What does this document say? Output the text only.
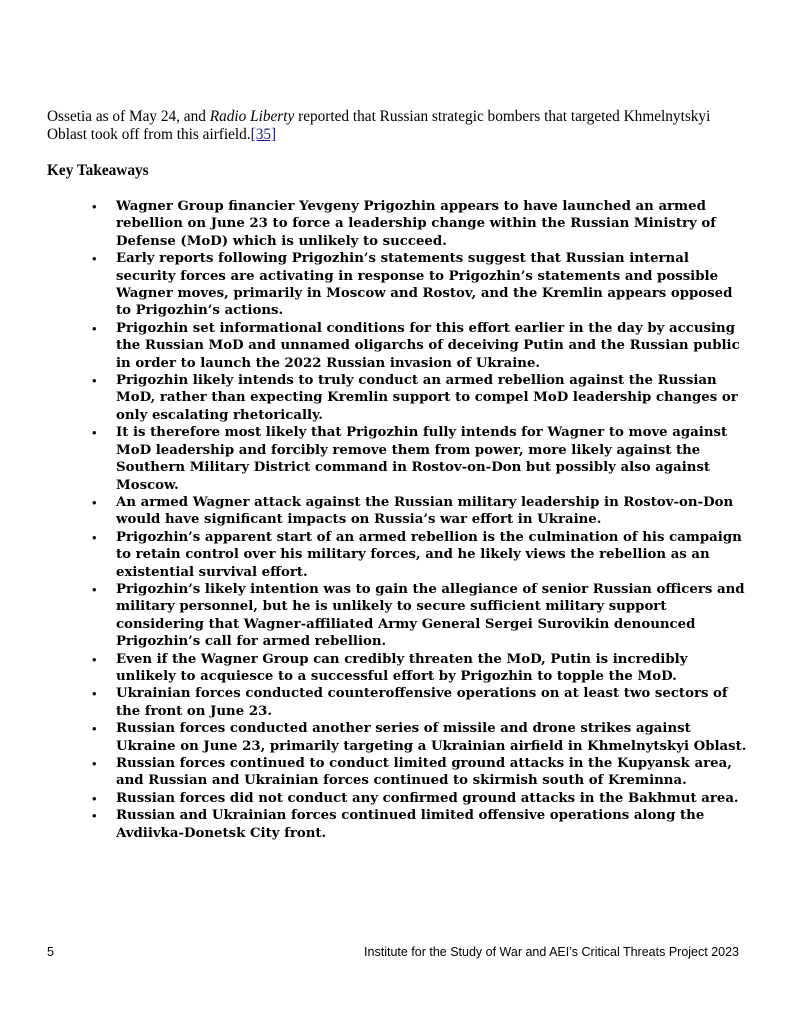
Ossetia as of May 24, and Radio Liberty reported that Russian strategic bombers that targeted Khmelnytskyi Oblast took off from this airfield.[35]

Key Takeaways
• Wagner Group financier Yevgeny Prigozhin appears to have launched an armed rebellion on June 23 to force a leadership change within the Russian Ministry of Defense (MoD) which is unlikely to succeed.
• Early reports following Prigozhin’s statements suggest that Russian internal security forces are activating in response to Prigozhin’s statements and possible Wagner moves, primarily in Moscow and Rostov, and the Kremlin appears opposed to Prigozhin’s actions.
• Prigozhin set informational conditions for this effort earlier in the day by accusing the Russian MoD and unnamed oligarchs of deceiving Putin and the Russian public in order to launch the 2022 Russian invasion of Ukraine.
• Prigozhin likely intends to truly conduct an armed rebellion against the Russian MoD, rather than expecting Kremlin support to compel MoD leadership changes or only escalating rhetorically.
• It is therefore most likely that Prigozhin fully intends for Wagner to move against MoD leadership and forcibly remove them from power, more likely against the Southern Military District command in Rostov-on-Don but possibly also against Moscow.
• An armed Wagner attack against the Russian military leadership in Rostov-on-Don would have significant impacts on Russia’s war effort in Ukraine.
• Prigozhin’s apparent start of an armed rebellion is the culmination of his campaign to retain control over his military forces, and he likely views the rebellion as an existential survival effort.
• Prigozhin’s likely intention was to gain the allegiance of senior Russian officers and military personnel, but he is unlikely to secure sufficient military support considering that Wagner-affiliated Army General Sergei Surovikin denounced Prigozhin’s call for armed rebellion.
• Even if the Wagner Group can credibly threaten the MoD, Putin is incredibly unlikely to acquiesce to a successful effort by Prigozhin to topple the MoD.
• Ukrainian forces conducted counteroffensive operations on at least two sectors of the front on June 23.
• Russian forces conducted another series of missile and drone strikes against Ukraine on June 23, primarily targeting a Ukrainian airfield in Khmelnytskyi Oblast.
• Russian forces continued to conduct limited ground attacks in the Kupyansk area, and Russian and Ukrainian forces continued to skirmish south of Kreminna.
• Russian forces did not conduct any confirmed ground attacks in the Bakhmut area.
• Russian and Ukrainian forces continued limited offensive operations along the Avdiivka-Donetsk City front.
5	Institute for the Study of War and AEI’s Critical Threats Project 2023
